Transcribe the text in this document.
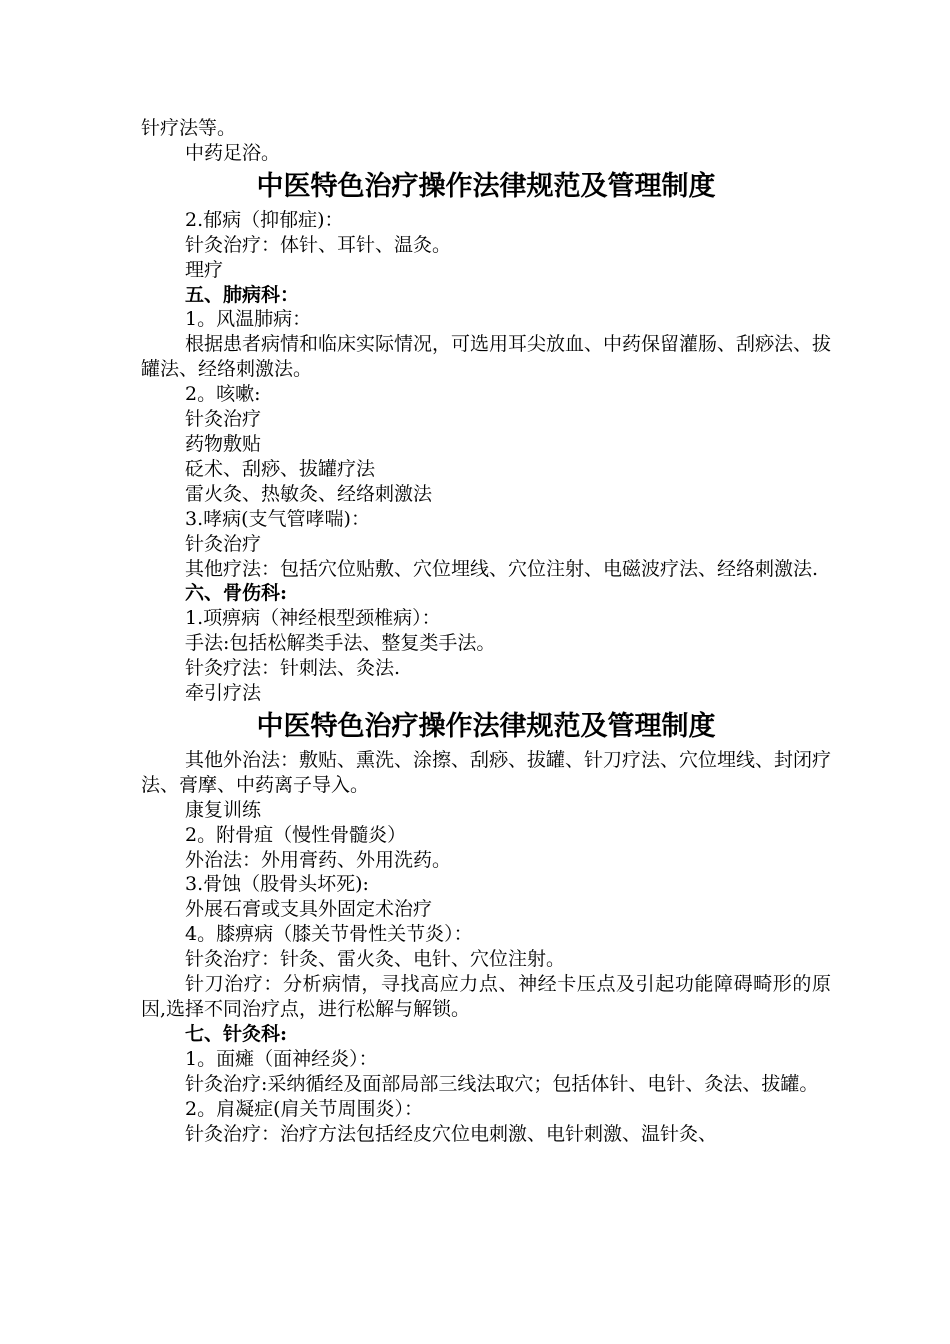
针疗法等。
中药足浴。
中医特色治疗操作法律规范及管理制度
2.郁病（抑郁症)：
针灸治疗：体针、耳针、温灸。
理疗
五、肺病科：
1。风温肺病：

根据患者病情和临床实际情况，可选用耳尖放血、中药保留灌肠、刮痧法、拔罐法、经络刺激法。

2。咳嗽:
针灸治疗
药物敷贴
砭术、刮痧、拔罐疗法
雷火灸、热敏灸、经络刺激法
3.哮病(支气管哮喘)：
针灸治疗

其他疗法：包括穴位贴敷、穴位埋线、穴位注射、电磁波疗法、经络刺激法.

六、骨伤科:
1.项痹病（神经根型颈椎病）：
手法:包括松解类手法、整复类手法。
针灸疗法：针刺法、灸法.
牵引疗法
中医特色治疗操作法律规范及管理制度

其他外治法：敷贴、熏洗、涂擦、刮痧、拔罐、针刀疗法、穴位埋线、封闭疗法、膏摩、中药离子导入。

康复训练
2。附骨疽（慢性骨髓炎）
外治法：外用膏药、外用洗药。
3.骨蚀（股骨头坏死):
外展石膏或支具外固定术治疗
4。膝痹病（膝关节骨性关节炎）：
针灸治疗：针灸、雷火灸、电针、穴位注射。

针刀治疗：分析病情，寻找高应力点、神经卡压点及引起功能障碍畸形的原因,选择不同治疗点，进行松解与解锁。

七、针灸科:
1。面瘫（面神经炎）：

针灸治疗:采纳循经及面部局部三线法取穴；包括体针、电针、灸法、拔罐。

2。肩凝症(肩关节周围炎）：
针灸治疗：治疗方法包括经皮穴位电刺激、电针刺激、温针灸、
